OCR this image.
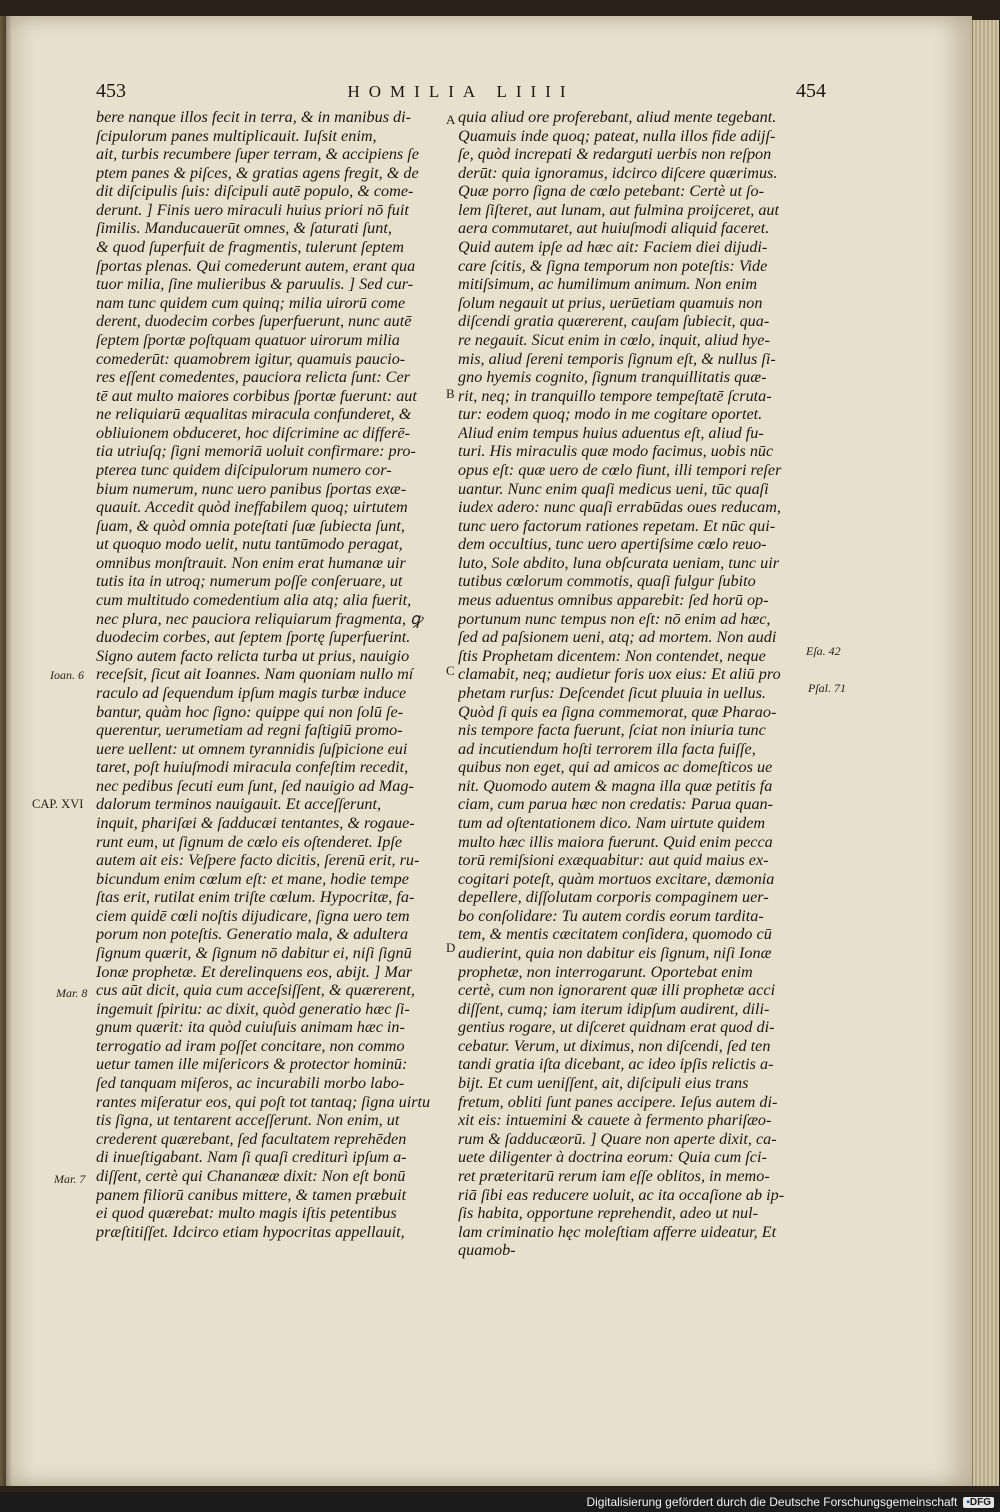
453	HOMILIA LIIII	454
bere nanque illos fecit in terra, & in manibus di-
ſcipulorum panes multiplicauit. Iuſsit enim,
ait, turbis recumbere ſuper terram, & accipiens ſe
ptem panes & piſces, & gratias agens fregit, & de
dit diſcipulis ſuis: diſcipuli autē populo, & come-
derunt. ] Finis uero miraculi huius priori nō fuit
ſimilis. Manducauerūt omnes, & ſaturati ſunt,
& quod ſuperfuit de fragmentis, tulerunt ſeptem
ſportas plenas. Qui comederunt autem, erant qua
tuor milia, ſine mulieribus & paruulis. ] Sed cur-
nam tunc quidem cum quinq; milia uirorū come
derent, duodecim corbes ſuperfuerunt, nunc autē
ſeptem ſportæ poſtquam quatuor uirorum milia
comederūt: quamobrem igitur, quamuis paucio-
res eſſent comedentes, pauciora relicta ſunt: Cer
tē aut multo maiores corbibus ſportæ fuerunt: aut
ne reliquiarū æqualitas miracula confunderet, &
obliuionem obduceret, hoc diſcrimine ac differē-
tia utriuſq; ſigni memoriā uoluit confirmare: pro-
pterea tunc quidem diſcipulorum numero cor-
bium numerum, nunc uero panibus ſportas exæ-
quauit. Accedit quòd ineffabilem quoq; uirtutem
ſuam, & quòd omnia poteſtati ſuæ ſubiecta ſunt,
ut quoquo modo uelit, nutu tantūmodo peragat,
omnibus monſtrauit. Non enim erat humanæ uir
tutis ita in utroq; numerum poſſe conſeruare, ut
cum multitudo comedentium alia atq; alia fuerit,
nec plura, nec pauciora reliquiarum fragmenta, ꝙ
duodecim corbes, aut ſeptem ſportę ſuperfuerint.
Signo autem facto relicta turba ut prius, nauigio
receſsit, ſicut ait Ioannes. Nam quoniam nullo mí
raculo ad ſequendum ipſum magis turbæ induce
bantur, quàm hoc ſigno: quippe qui non ſolū ſe-
querentur, uerumetiam ad regni faſtigiū promo-
uere uellent: ut omnem tyrannidis ſuſpicione eui
taret, poſt huiuſmodi miracula confeſtim recedit,
nec pedibus ſecuti eum ſunt, ſed nauigio ad Mag-
dalorum terminos nauigauit. Et acceſſerunt,
inquit, phariſæi & ſadducæi tentantes, & rogaue-
runt eum, ut ſignum de cœlo eis oſtenderet. Ipſe
autem ait eis: Veſpere facto dicitis, ſerenū erit, ru-
bicundum enim cœlum eſt: et mane, hodie tempe
ſtas erit, rutilat enim triſte cœlum. Hypocritæ, fa-
ciem quidē cœli noſtis dijudicare, ſigna uero tem
porum non poteſtis. Generatio mala, & adultera
ſignum quærit, & ſignum nō dabitur ei, niſi ſignū
Ionæ prophetæ. Et derelinquens eos, abijt. ] Mar
cus aūt dicit, quia cum acceſsiſſent, & quærerent,
ingemuit ſpiritu: ac dixit, quòd generatio hæc ſi-
gnum quærit: ita quòd cuiuſuis animam hæc in-
terrogatio ad iram poſſet concitare, non commo
uetur tamen ille miſericors & protector hominū:
ſed tanquam miſeros, ac incurabili morbo labo-
rantes miſeratur eos, qui poſt tot tantaq; ſigna uirtu
tis ſigna, ut tentarent acceſſerunt. Non enim, ut
crederent quærebant, ſed facultatem reprehēden
di inueſtigabant. Nam ſi quaſi crediturì ipſum a-
diſſent, certè qui Chananææ dixit: Non eſt bonū
panem filiorū canibus mittere, & tamen præbuit
ei quod quærebat: multo magis iſtis petentibus
præſtitiſſet. Idcirco etiam hypocritas appellauit,
quia aliud ore proferebant, aliud mente tegebant.
Quamuis inde quoq; pateat, nulla illos fide adijſ-
ſe, quòd increpati & redarguti uerbis non reſpon
derūt: quia ignoramus, idcirco diſcere quærimus.
Quæ porro ſigna de cœlo petebant: Certè ut ſo-
lem ſiſteret, aut lunam, aut fulmina proijceret, aut
aera commutaret, aut huiuſmodi aliquid faceret.
Quid autem ipſe ad hæc ait: Faciem diei dijudi-
care ſcitis, & ſigna temporum non poteſtis: Vide
mitiſsimum, ac humilimum animum. Non enim
ſolum negauit ut prius, uerūetiam quamuis non
diſcendi gratia quærerent, cauſam ſubiecit, qua-
re negauit. Sicut enim in cœlo, inquit, aliud hye-
mis, aliud ſereni temporis ſignum eſt, & nullus ſi-
gno hyemis cognito, ſignum tranquillitatis quæ-
rit, neq; in tranquillo tempore tempeſtatē ſcruta-
tur: eodem quoq; modo in me cogitare oportet.
Aliud enim tempus huius aduentus eſt, aliud fu-
turi. His miraculis quæ modo facimus, uobis nūc
opus eſt: quæ uero de cœlo fiunt, illi tempori reſer
uantur. Nunc enim quaſi medicus ueni, tūc quaſi
iudex adero: nunc quaſi errabūdas oues reducam,
tunc uero factorum rationes repetam. Et nūc qui-
dem occultius, tunc uero apertiſsime cœlo reuo-
luto, Sole abdito, luna obſcurata ueniam, tunc uir
tutibus cœlorum commotis, quaſi fulgur ſubito
meus aduentus omnibus apparebit: ſed horū op-
portunum nunc tempus non eſt: nō enim ad hæc,
ſed ad paſsionem ueni, atq; ad mortem. Non audi
ſtis Prophetam dicentem: Non contendet, neque
clamabit, neq; audietur foris uox eius: Et aliū pro
phetam rurſus: Deſcendet ſicut pluuia in uellus.
Quòd ſi quis ea ſigna commemorat, quæ Pharao-
nis tempore facta fuerunt, ſciat non iniuria tunc
ad incutiendum hoſti terrorem illa facta fuiſſe,
quibus non eget, qui ad amicos ac domeſticos ue
nit. Quomodo autem & magna illa quæ petitis fa
ciam, cum parua hæc non credatis: Parua quan-
tum ad oſtentationem dico. Nam uirtute quidem
multo hæc illis maiora fuerunt. Quid enim pecca
torū remiſsioni exæquabitur: aut quid maius ex-
cogitari poteſt, quàm mortuos excitare, dæmonia
depellere, diſſolutam corporis compaginem uer-
bo conſolidare: Tu autem cordis eorum tardita-
tem, & mentis cæcitatem conſidera, quomodo cū
audierint, quia non dabitur eis ſignum, niſi Ionæ
prophetæ, non interrogarunt. Oportebat enim
certè, cum non ignorarent quæ illi prophetæ acci
diſſent, cumq; iam iterum idipſum audirent, dili-
gentius rogare, ut diſceret quidnam erat quod di-
cebatur. Verum, ut diximus, non diſcendi, ſed ten
tandi gratia iſta dicebant, ac ideo ipſis relictis a-
bijt. Et cum ueniſſent, ait, diſcipuli eius trans
fretum, obliti ſunt panes accipere. Ieſus autem di-
xit eis: intuemini & cauete à fermento phariſæo-
rum & ſadducæorū. ] Quare non aperte dixit, ca-
uete diligenter à doctrina eorum: Quia cum ſci-
ret præteritarū rerum iam eſſe oblitos, in memo-
riā ſibi eas reducere uoluit, ac ita occaſione ab ip-
ſis habita, opportune reprehendit, adeo ut nul-
lam criminatio hęc moleſtiam afferre uideatur, Et
quamob-
A
B
C
D
Ioan. 6
CAP. XVI
Mar. 8
Mar. 7
Eſa. 42
Pſal. 71
Digitalisierung gefördert durch die Deutsche Forschungsgemeinschaft ▪DFG
